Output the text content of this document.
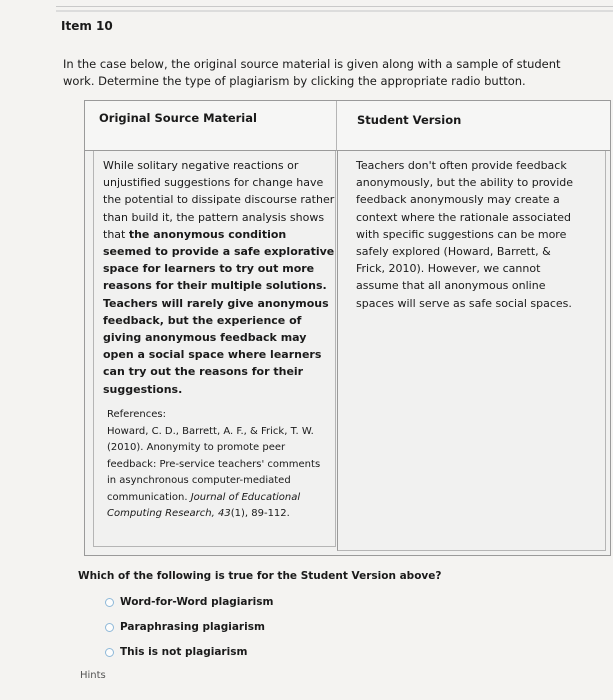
Item 10
In the case below, the original source material is given along with a sample of student work. Determine the type of plagiarism by clicking the appropriate radio button.
Original Source Material	Student Version
While solitary negative reactions or unjustified suggestions for change have the potential to dissipate discourse rather than build it, the pattern analysis shows that the anonymous condition seemed to provide a safe explorative space for learners to try out more reasons for their multiple solutions. Teachers will rarely give anonymous feedback, but the experience of giving anonymous feedback may open a social space where learners can try out the reasons for their suggestions.
References:
Howard, C. D., Barrett, A. F., & Frick, T. W. (2010). Anonymity to promote peer feedback: Pre-service teachers' comments in asynchronous computer-mediated communication. Journal of Educational Computing Research, 43(1), 89-112.
Teachers don't often provide feedback anonymously, but the ability to provide feedback anonymously may create a context where the rationale associated with specific suggestions can be more safely explored (Howard, Barrett, & Frick, 2010). However, we cannot assume that all anonymous online spaces will serve as safe social spaces.
Which of the following is true for the Student Version above?
Word-for-Word plagiarism
Paraphrasing plagiarism
This is not plagiarism
Hints
